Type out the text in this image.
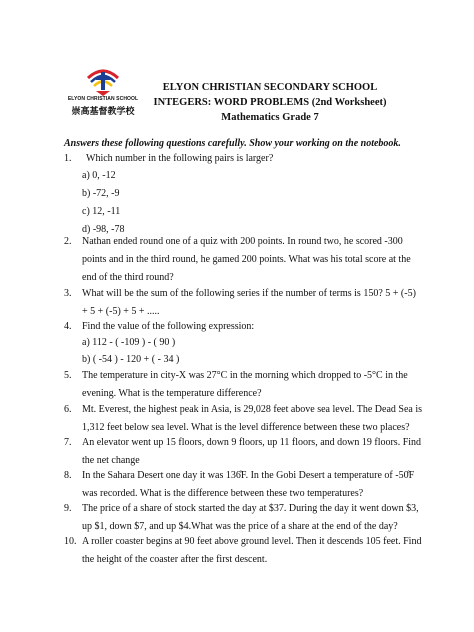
ELYON CHRISTIAN SCHOOL
崇高基督教学校
ELYON CHRISTIAN SECONDARY SCHOOL
INTEGERS: WORD PROBLEMS (2nd Worksheet)
Mathematics Grade 7
Answers these following questions carefully. Show your working on the notebook.
1. Which number in the following pairs is larger?
a) 0, -12
b) -72, -9
c) 12, -11
d) -98, -78
2. Nathan ended round one of a quiz with 200 points. In round two, he scored -300 points and in the third round, he gamed 200 points. What was his total score at the end of the third round?
3. What will be the sum of the following series if the number of terms is 150? 5 + (-5) + 5 + (-5) + 5 + .....
4. Find the value of the following expression:
a) 112 - ( -109 ) - ( 90 )
b) ( -54 ) - 120 + ( - 34 )
5. The temperature in city-X was 27°C in the morning which dropped to -5°C in the evening. What is the temperature difference?
6. Mt. Everest, the highest peak in Asia, is 29,028 feet above sea level. The Dead Sea is 1,312 feet below sea level. What is the level difference between these two places?
7. An elevator went up 15 floors, down 9 floors, up 11 floors, and down 19 floors. Find the net change
8. In the Sahara Desert one day it was 136̊F. In the Gobi Desert a temperature of -50̊F was recorded. What is the difference between these two temperatures?
9. The price of a share of stock started the day at $37. During the day it went down $3, up $1, down $7, and up $4.What was the price of a share at the end of the day?
10. A roller coaster begins at 90 feet above ground level. Then it descends 105 feet. Find the height of the coaster after the first descent.
